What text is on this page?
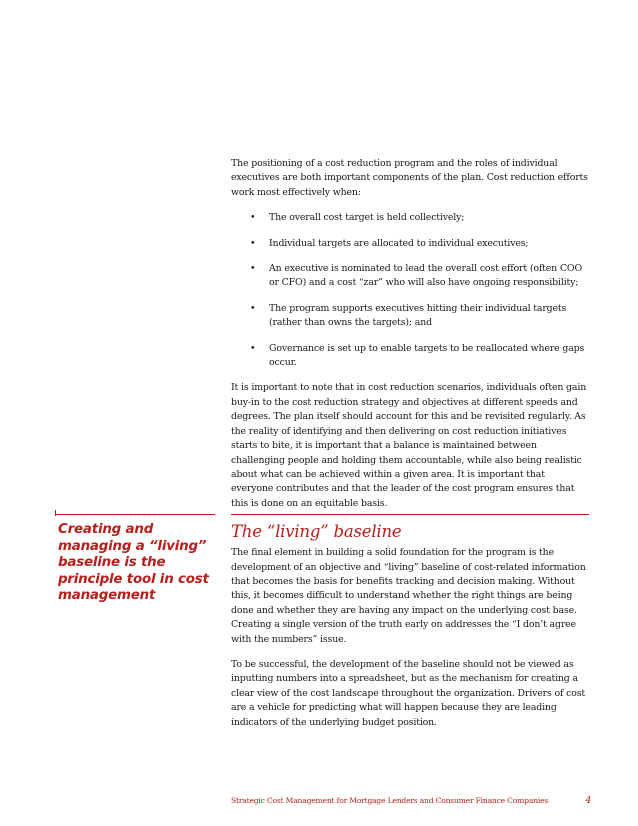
The positioning of a cost reduction program and the roles of individual executives are both important components of the plan. Cost reduction efforts work most effectively when:

• The overall cost target is held collectively;
• Individual targets are allocated to individual executives;
• An executive is nominated to lead the overall cost effort (often COO or CFO) and a cost “zar” who will also have ongoing responsibility;
• The program supports executives hitting their individual targets (rather than owns the targets); and
• Governance is set up to enable targets to be reallocated where gaps occur.

It is important to note that in cost reduction scenarios, individuals often gain buy-in to the cost reduction strategy and objectives at different speeds and degrees. The plan itself should account for this and be revisited regularly. As the reality of identifying and then delivering on cost reduction initiatives starts to bite, it is important that a balance is maintained between challenging people and holding them accountable, while also being realistic about what can be achieved within a given area. It is important that everyone contributes and that the leader of the cost program ensures that this is done on an equitable basis.

The “living” baseline

The final element in building a solid foundation for the program is the development of an objective and “living” baseline of cost-related information that becomes the basis for benefits tracking and decision making. Without this, it becomes difficult to understand whether the right things are being done and whether they are having any impact on the underlying cost base. Creating a single version of the truth early on addresses the “I don’t agree with the numbers” issue.

To be successful, the development of the baseline should not be viewed as inputting numbers into a spreadsheet, but as the mechanism for creating a clear view of the cost landscape throughout the organization. Drivers of cost are a vehicle for predicting what will happen because they are leading indicators of the underlying budget position.

Creating and managing a “living” baseline is the principle tool in cost management
Strategic Cost Management for Mortgage Lenders and Consumer Finance Companies	4
